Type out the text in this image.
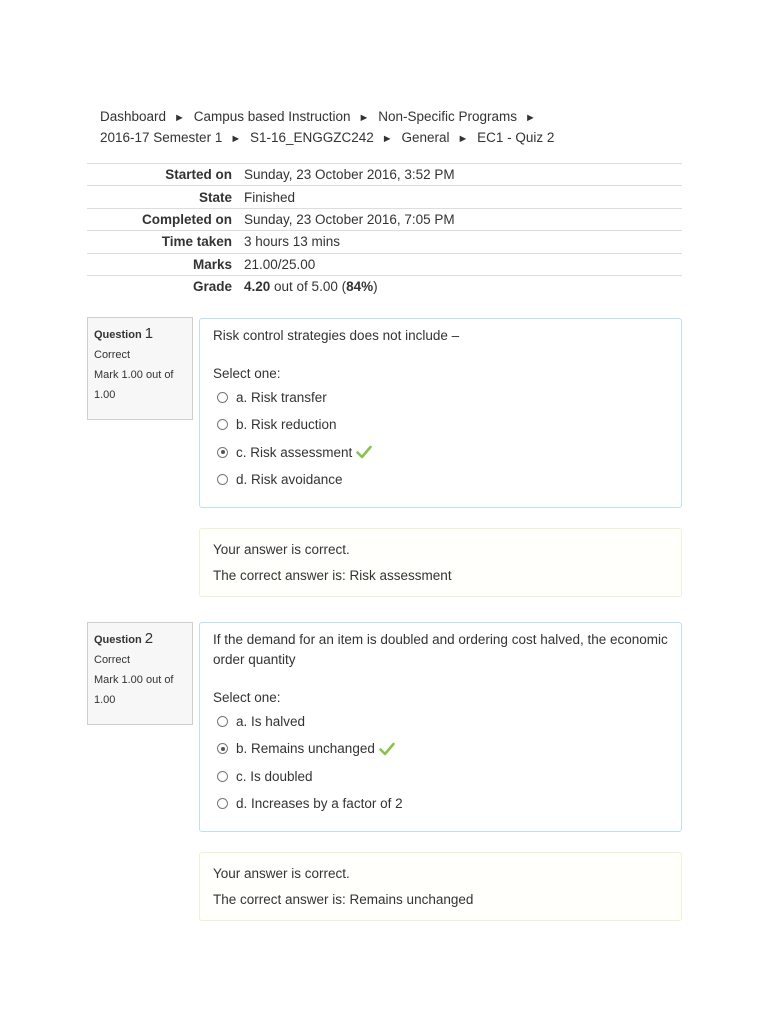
Dashboard ► Campus based Instruction ► Non-Specific Programs ►
2016-17 Semester 1 ► S1-16_ENGGZC242 ► General ► EC1 - Quiz 2
Started on	Sunday, 23 October 2016, 3:52 PM
State	Finished
Completed on	Sunday, 23 October 2016, 7:05 PM
Time taken	3 hours 13 mins
Marks	21.00/25.00
Grade	4.20 out of 5.00 (84%)
Question 1
Correct
Mark 1.00 out of 1.00
Risk control strategies does not include –
Select one:
a. Risk transfer
b. Risk reduction
c. Risk assessment
d. Risk avoidance
Your answer is correct.
The correct answer is: Risk assessment
Question 2
Correct
Mark 1.00 out of 1.00
If the demand for an item is doubled and ordering cost halved, the economic order quantity
Select one:
a. Is halved
b. Remains unchanged
c. Is doubled
d. Increases by a factor of 2
Your answer is correct.
The correct answer is: Remains unchanged
